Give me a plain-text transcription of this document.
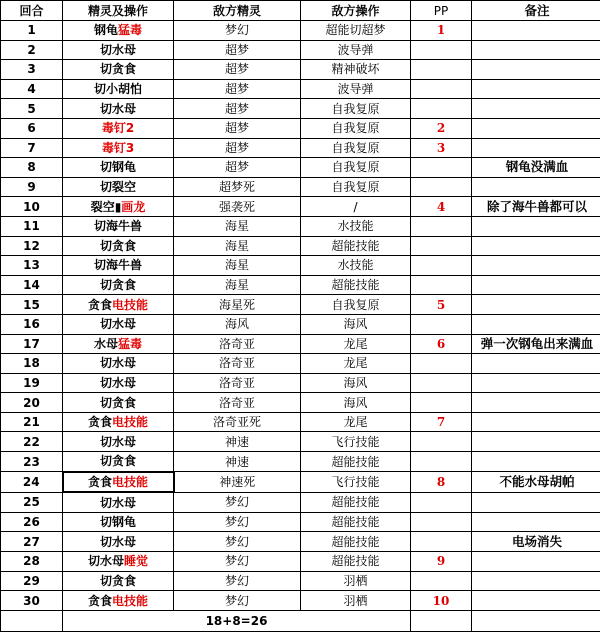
回合	精灵及操作	敌方精灵	敌方操作	PP	备注
1	钢龟猛毒	梦幻	超能切超梦	1	
2	切水母	超梦	波导弹		
3	切贪食	超梦	精神破坏		
4	切小胡怕	超梦	波导弹		
5	切水母	超梦	自我复原		
6	毒钉2	超梦	自我复原	2	
7	毒钉3	超梦	自我复原	3	
8	切钢龟	超梦	自我复原		钢龟没满血
9	切裂空	超梦死	自我复原		
10	裂空▮画龙	强袭死	/	4	除了海牛兽都可以
11	切海牛兽	海星	水技能		
12	切贪食	海星	超能技能		
13	切海牛兽	海星	水技能		
14	切贪食	海星	超能技能		
15	贪食电技能	海星死	自我复原	5	
16	切水母	海风	海风		
17	水母猛毒	洛奇亚	龙尾	6	弹一次钢龟出来满血
18	切水母	洛奇亚	龙尾		
19	切水母	洛奇亚	海风		
20	切贪食	洛奇亚	海风		
21	贪食电技能	洛奇亚死	龙尾	7	
22	切水母	神速	飞行技能		
23	切贪食	神速	超能技能		
24	贪食电技能	神速死	飞行技能	8	不能水母胡帕
25	切水母	梦幻	超能技能		
26	切钢龟	梦幻	超能技能		
27	切水母	梦幻	超能技能		电场消失
28	切水母睡觉	梦幻	超能技能	9	
29	切贪食	梦幻	羽栖		
30	贪食电技能	梦幻	羽栖	10	
	18+8=26				
